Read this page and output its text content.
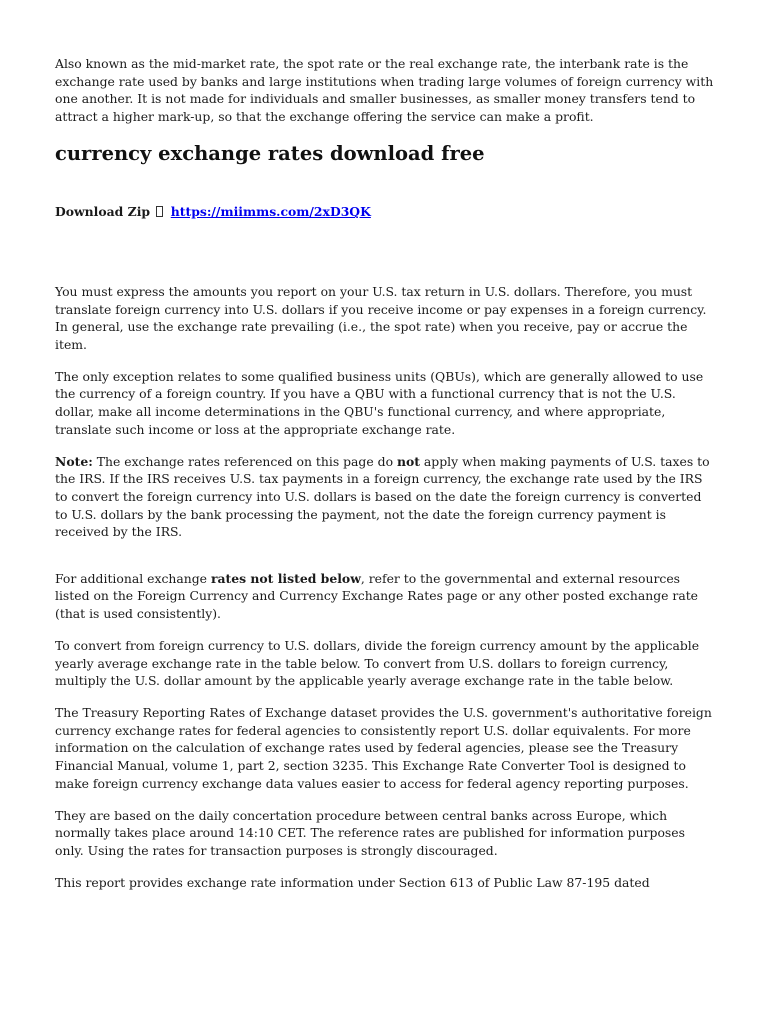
Also known as the mid-market rate, the spot rate or the real exchange rate, the interbank rate is the exchange rate used by banks and large institutions when trading large volumes of foreign currency with one another. It is not made for individuals and smaller businesses, as smaller money transfers tend to attract a higher mark-up, so that the exchange offering the service can make a profit.

currency exchange rates download free

Download Zip https://miimms.com/2xD3QK

You must express the amounts you report on your U.S. tax return in U.S. dollars. Therefore, you must translate foreign currency into U.S. dollars if you receive income or pay expenses in a foreign currency. In general, use the exchange rate prevailing (i.e., the spot rate) when you receive, pay or accrue the item.

The only exception relates to some qualified business units (QBUs), which are generally allowed to use the currency of a foreign country. If you have a QBU with a functional currency that is not the U.S. dollar, make all income determinations in the QBU's functional currency, and where appropriate, translate such income or loss at the appropriate exchange rate.

Note: The exchange rates referenced on this page do not apply when making payments of U.S. taxes to the IRS. If the IRS receives U.S. tax payments in a foreign currency, the exchange rate used by the IRS to convert the foreign currency into U.S. dollars is based on the date the foreign currency is converted to U.S. dollars by the bank processing the payment, not the date the foreign currency payment is received by the IRS.

For additional exchange rates not listed below, refer to the governmental and external resources listed on the Foreign Currency and Currency Exchange Rates page or any other posted exchange rate (that is used consistently).

To convert from foreign currency to U.S. dollars, divide the foreign currency amount by the applicable yearly average exchange rate in the table below. To convert from U.S. dollars to foreign currency, multiply the U.S. dollar amount by the applicable yearly average exchange rate in the table below.

The Treasury Reporting Rates of Exchange dataset provides the U.S. government's authoritative foreign currency exchange rates for federal agencies to consistently report U.S. dollar equivalents. For more information on the calculation of exchange rates used by federal agencies, please see the Treasury Financial Manual, volume 1, part 2, section 3235. This Exchange Rate Converter Tool is designed to make foreign currency exchange data values easier to access for federal agency reporting purposes.

They are based on the daily concertation procedure between central banks across Europe, which normally takes place around 14:10 CET. The reference rates are published for information purposes only. Using the rates for transaction purposes is strongly discouraged.

This report provides exchange rate information under Section 613 of Public Law 87-195 dated
